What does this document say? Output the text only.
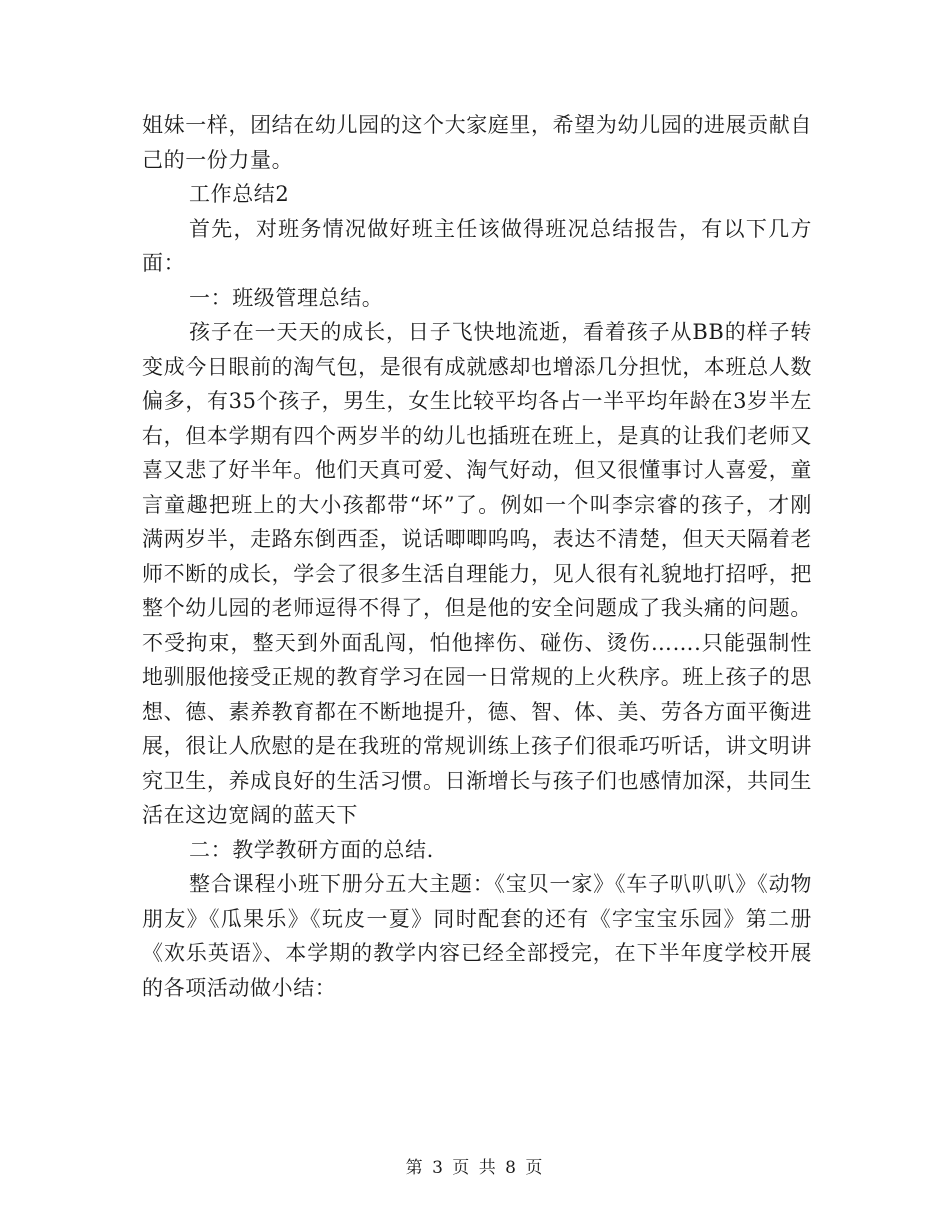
姐妹一样，团结在幼儿园的这个大家庭里，希望为幼儿园的进展贡献自己的一份力量。

工作总结2

首先，对班务情况做好班主任该做得班况总结报告，有以下几方面：

一：班级管理总结。

孩子在一天天的成长，日子飞快地流逝，看着孩子从BB的样子转变成今日眼前的淘气包，是很有成就感却也增添几分担忧，本班总人数偏多，有35个孩子，男生，女生比较平均各占一半平均年龄在3岁半左右，但本学期有四个两岁半的幼儿也插班在班上，是真的让我们老师又喜又悲了好半年。他们天真可爱、淘气好动，但又很懂事讨人喜爱，童言童趣把班上的大小孩都带“坏”了。例如一个叫李宗睿的孩子，才刚满两岁半，走路东倒西歪，说话唧唧呜呜，表达不清楚，但天天隔着老师不断的成长，学会了很多生活自理能力，见人很有礼貌地打招呼，把整个幼儿园的老师逗得不得了，但是他的安全问题成了我头痛的问题。不受拘束，整天到外面乱闯，怕他摔伤、碰伤、烫伤…….只能强制性地驯服他接受正规的教育学习在园一日常规的上火秩序。班上孩子的思想、德、素养教育都在不断地提升，德、智、体、美、劳各方面平衡进展，很让人欣慰的是在我班的常规训练上孩子们很乖巧听话，讲文明讲究卫生，养成良好的生活习惯。日渐增长与孩子们也感情加深，共同生活在这边宽阔的蓝天下

二：教学教研方面的总结.

整合课程小班下册分五大主题：《宝贝一家》《车子叭叭叭》《动物朋友》《瓜果乐》《玩皮一夏》同时配套的还有《字宝宝乐园》第二册《欢乐英语》、本学期的教学内容已经全部授完，在下半年度学校开展的各项活动做小结：

第 3 页 共 8 页
